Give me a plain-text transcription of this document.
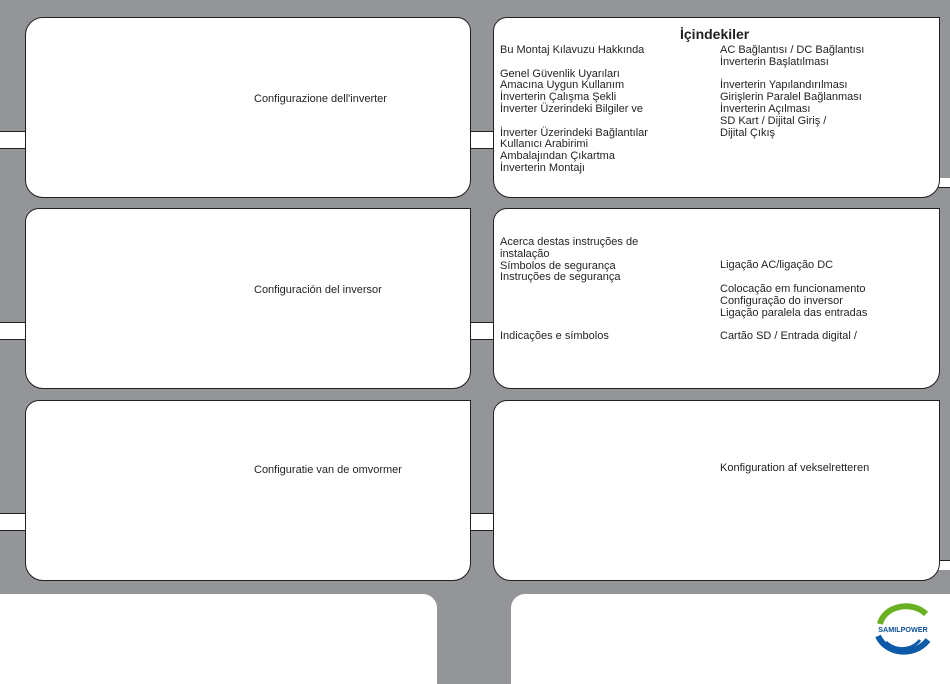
Configurazione dell'inverter
İçindekiler
Bu Montaj Kılavuzu Hakkında

Genel Güvenlik Uyarıları
Amacına Uygun Kullanım
İnverterin Çalışma Şekli
İnverter Üzerindeki Bilgiler ve

İnverter Üzerindeki Bağlantılar
Kullanıcı Arabirimi
Ambalajından Çıkartma
İnverterin Montajı
AC Bağlantısı / DC Bağlantısı
İnverterin Başlatılması

İnverterin Yapılandırılması
Girişlerin Paralel Bağlanması
İnverterin Açılması
SD Kart / Dijital Giriş /
Dijital Çıkış
Configuración del inversor
Acerca destas instruções de
instalação
Símbolos de segurança
Instruções de segurança
Indicações e símbolos
Ligação AC/ligação DC
Colocação em funcionamento
Configuração do inversor
Ligação paralela das entradas
Cartão SD / Entrada digital /
Configuratie van de omvormer	Konfiguration af vekselretteren
SAMILPOWER
